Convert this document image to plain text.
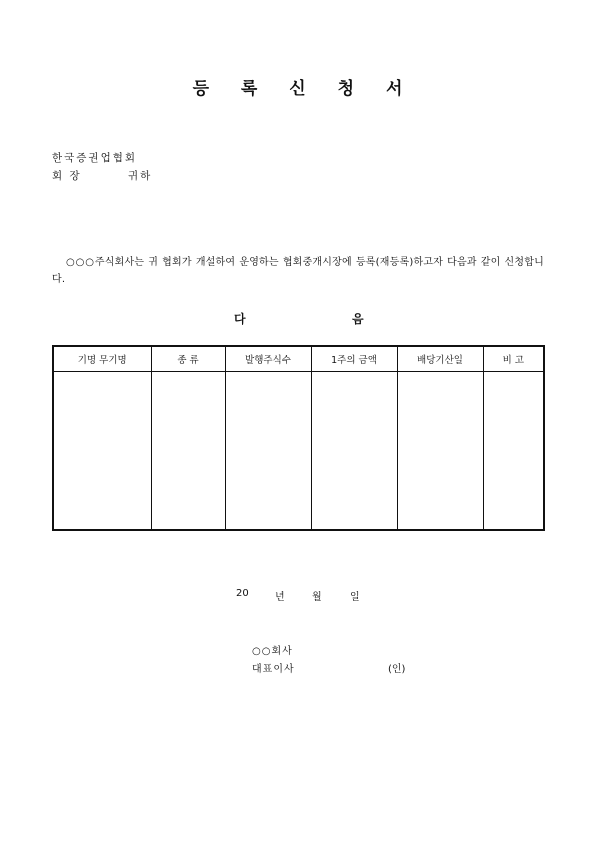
등 록 신 청 서
한국증권업협회
회 장	귀하
○○○주식회사는 귀 협회가 개설하여 운영하는 협회중개시장에 등록(재등록)하고자 다음과 같이 신청합니다.
다	음
기명 무기명	종 류	발행주식수	1주의 금액	배당기산일	비 고

20	년	월	일
○○회사
대표이사	(인)
